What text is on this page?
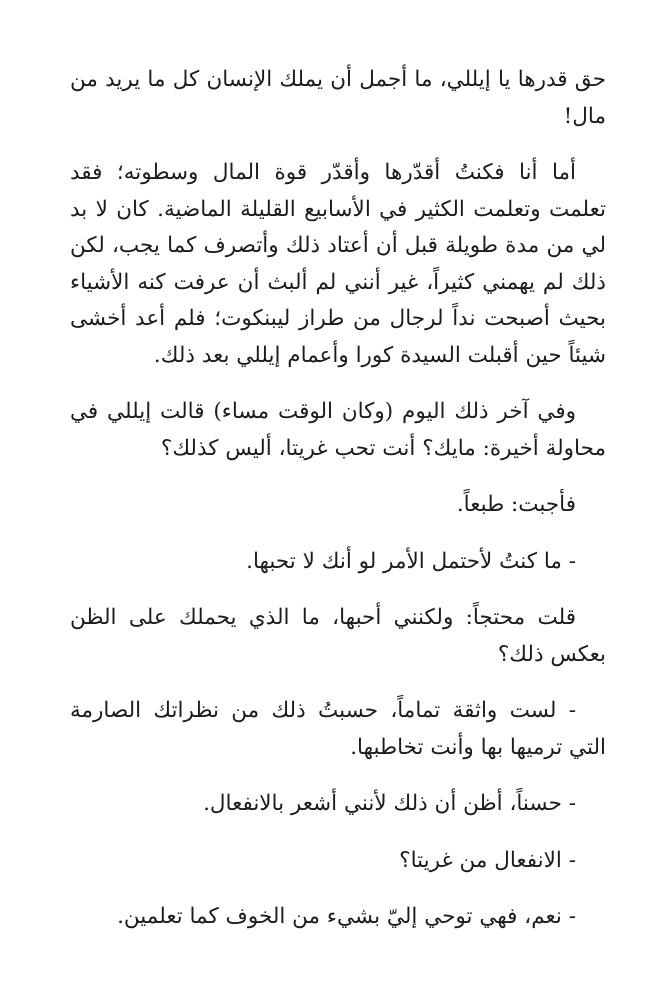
حق قدرها يا إيللي، ما أجمل أن يملك الإنسان كل ما يريد من مال!

أما أنا فكنتُ أقدّرها وأقدّر قوة المال وسطوته؛ فقد تعلمت وتعلمت الكثير في الأسابيع القليلة الماضية. كان لا بد لي من مدة طويلة قبل أن أعتاد ذلك وأتصرف كما يجب، لكن ذلك لم يهمني كثيراً، غير أنني لم ألبث أن عرفت كنه الأشياء بحيث أصبحت نداً لرجال من طراز ليبنكوت؛ فلم أعد أخشى شيئاً حين أقبلت السيدة كورا وأعمام إيللي بعد ذلك.

وفي آخر ذلك اليوم (وكان الوقت مساء) قالت إيللي في محاولة أخيرة: مايك؟ أنت تحب غريتا، أليس كذلك؟

فأجبت: طبعاً.

- ما كنتُ لأحتمل الأمر لو أنك لا تحبها.

قلت محتجاً: ولكنني أحبها، ما الذي يحملك على الظن بعكس ذلك؟

- لست واثقة تماماً، حسبتُ ذلك من نظراتك الصارمة التي ترميها بها وأنت تخاطبها.

- حسناً، أظن أن ذلك لأنني أشعر بالانفعال.

- الانفعال من غريتا؟

- نعم، فهي توحي إليّ بشيء من الخوف كما تعلمين.
